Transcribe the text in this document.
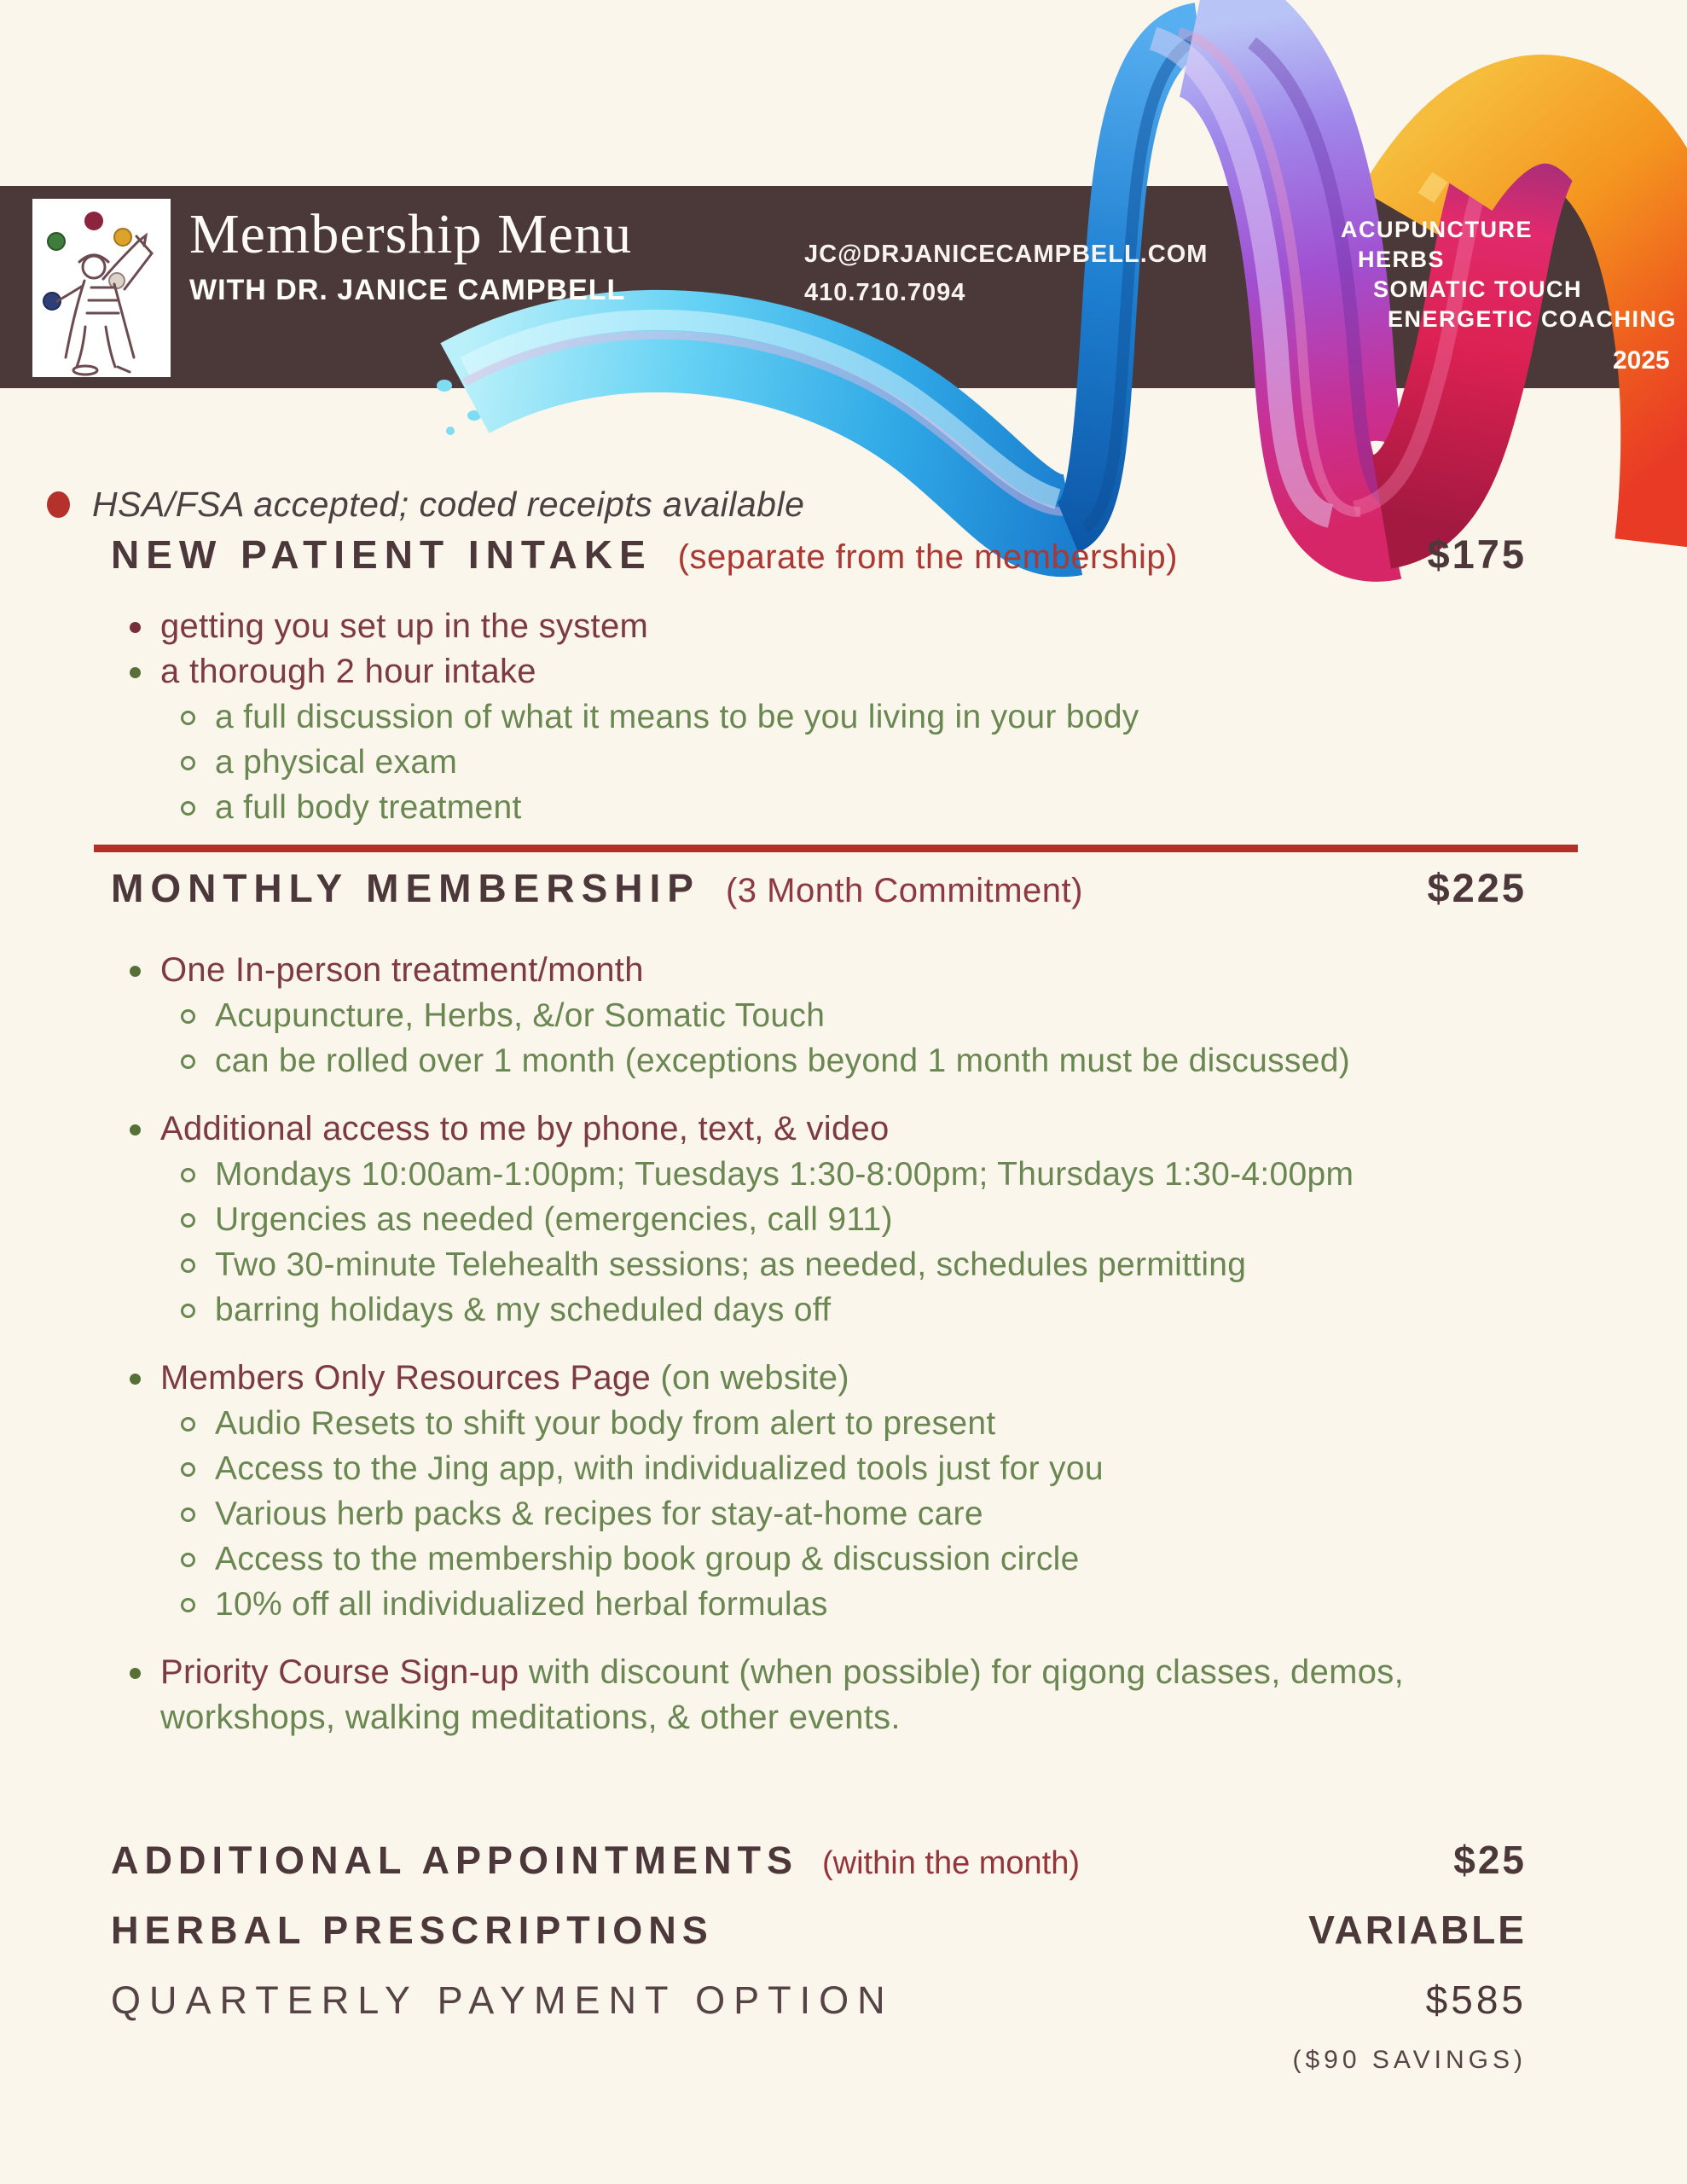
Membership Menu
WITH DR. JANICE CAMPBELL
JC@DRJANICECAMPBELL.COM
410.710.7094
ACUPUNCTURE
HERBS
SOMATIC TOUCH
ENERGETIC COACHING
2025
HSA/FSA accepted; coded receipts available
NEW PATIENT INTAKE (separate from the membership)	$175
getting you set up in the system
a thorough 2 hour intake
a full discussion of what it means to be you living in your body
a physical exam
a full body treatment
MONTHLY MEMBERSHIP (3 Month Commitment)	$225
One In-person treatment/month
Acupuncture, Herbs, &/or Somatic Touch
can be rolled over 1 month (exceptions beyond 1 month must be discussed)
Additional access to me by phone, text, & video
Mondays 10:00am-1:00pm; Tuesdays 1:30-8:00pm; Thursdays 1:30-4:00pm
Urgencies as needed (emergencies, call 911)
Two 30-minute Telehealth sessions; as needed, schedules permitting
barring holidays & my scheduled days off
Members Only Resources Page (on website)
Audio Resets to shift your body from alert to present
Access to the Jing app, with individualized tools just for you
Various herb packs & recipes for stay-at-home care
Access to the membership book group & discussion circle
10% off all individualized herbal formulas
Priority Course Sign-up with discount (when possible) for qigong classes, demos, workshops, walking meditations, & other events.
ADDITIONAL APPOINTMENTS (within the month)	$25
HERBAL PRESCRIPTIONS	VARIABLE
QUARTERLY PAYMENT OPTION	$585
($90 SAVINGS)
